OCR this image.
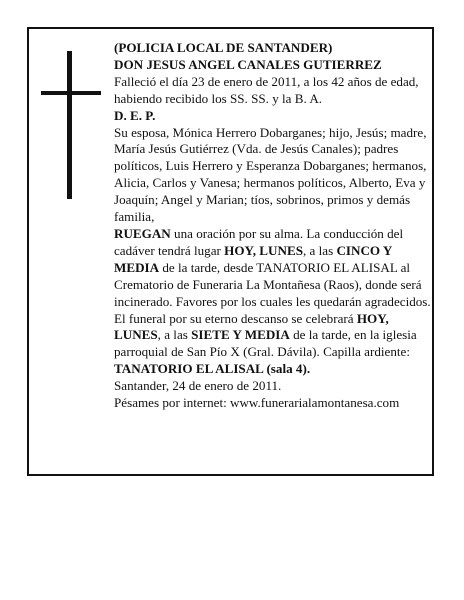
(POLICIA LOCAL DE SANTANDER)

DON JESUS ANGEL CANALES GUTIERREZ

Falleció el día 23 de enero de 2011, a los 42 años de edad, habiendo recibido los SS. SS. y la B. A.

D. E. P.

Su esposa, Mónica Herrero Dobarganes; hijo, Jesús; madre, María Jesús Gutiérrez (Vda. de Jesús Canales); padres políticos, Luis Herrero y Esperanza Dobarganes; hermanos, Alicia, Carlos y Vanesa; hermanos políticos, Alberto, Eva y Joaquín; Angel y Marian; tíos, sobrinos, primos y demás familia,

RUEGAN una oración por su alma. La conducción del cadáver tendrá lugar HOY, LUNES, a las CINCO Y MEDIA de la tarde, desde TANATORIO EL ALISAL al Crematorio de Funeraria La Montañesa (Raos), donde será incinerado. Favores por los cuales les quedarán agradecidos. El funeral por su eterno descanso se celebrará HOY, LUNES, a las SIETE Y MEDIA de la tarde, en la iglesia parroquial de San Pío X (Gral. Dávila). Capilla ardiente: TANATORIO EL ALISAL (sala 4).

Santander, 24 de enero de 2011.

Pésames por internet: www.funerarialamontanesa.com
